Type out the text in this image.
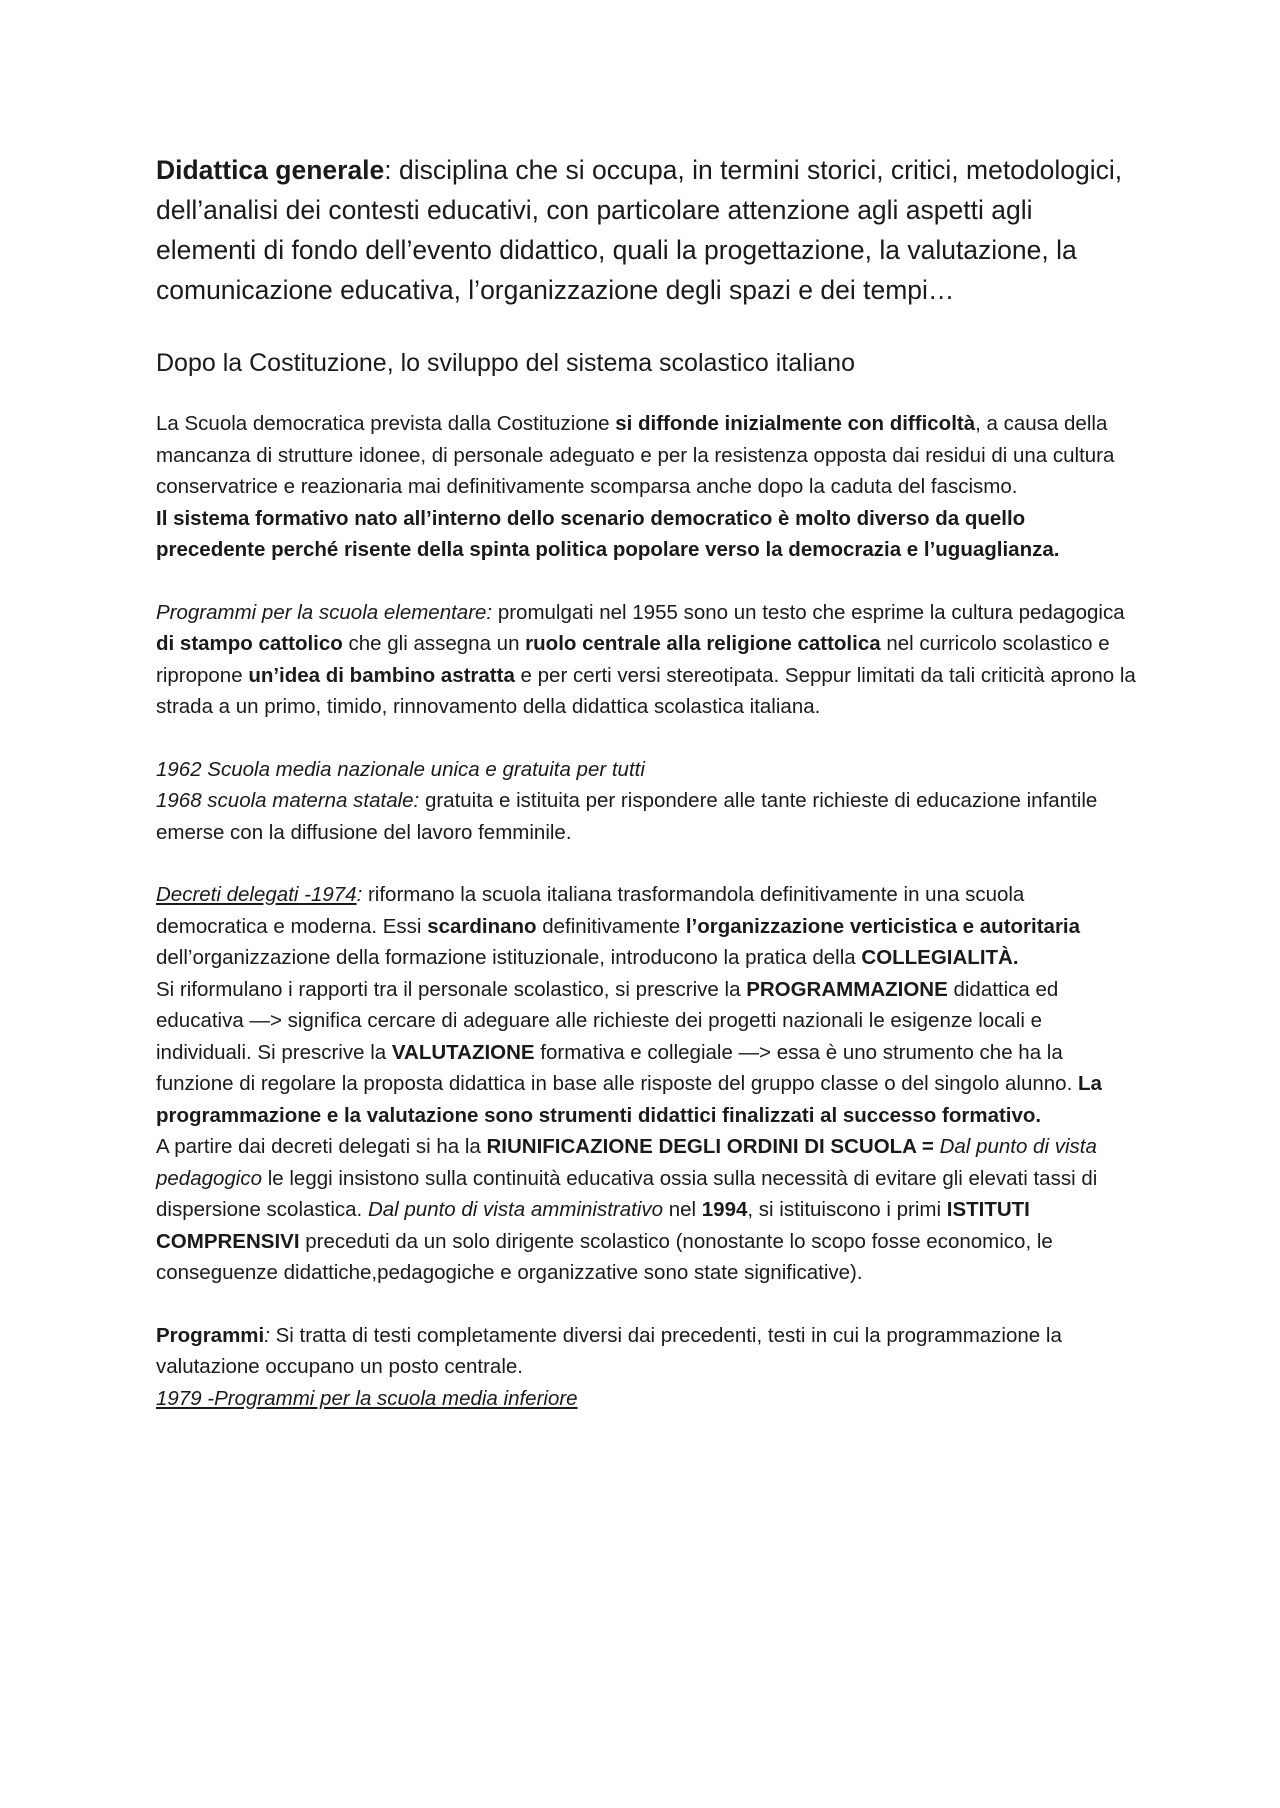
Didattica generale: disciplina che si occupa, in termini storici, critici, metodologici, dell’analisi dei contesti educativi, con particolare attenzione agli aspetti agli elementi di fondo dell’evento didattico, quali la progettazione, la valutazione, la comunicazione educativa, l’organizzazione degli spazi e dei tempi…

Dopo la Costituzione, lo sviluppo del sistema scolastico italiano

La Scuola democratica prevista dalla Costituzione si diffonde inizialmente con difficoltà, a causa della mancanza di strutture idonee, di personale adeguato e per la resistenza opposta dai residui di una cultura conservatrice e reazionaria mai definitivamente scomparsa anche dopo la caduta del fascismo.
Il sistema formativo nato all’interno dello scenario democratico è molto diverso da quello precedente perché risente della spinta politica popolare verso la democrazia e l’uguaglianza.

Programmi per la scuola elementare: promulgati nel 1955 sono un testo che esprime la cultura pedagogica di stampo cattolico che gli assegna un ruolo centrale alla religione cattolica nel curricolo scolastico e ripropone un’idea di bambino astratta e per certi versi stereotipata. Seppur limitati da tali criticità aprono la strada a un primo, timido, rinnovamento della didattica scolastica italiana.

1962 Scuola media nazionale unica e gratuita per tutti
1968 scuola materna statale: gratuita e istituita per rispondere alle tante richieste di educazione infantile emerse con la diffusione del lavoro femminile.

Decreti delegati -1974: riformano la scuola italiana trasformandola definitivamente in una scuola democratica e moderna. Essi scardinano definitivamente l’organizzazione verticistica e autoritaria dell’organizzazione della formazione istituzionale, introducono la pratica della COLLEGIALITÀ.
Si riformulano i rapporti tra il personale scolastico, si prescrive la PROGRAMMAZIONE didattica ed educativa —> significa cercare di adeguare alle richieste dei progetti nazionali le esigenze locali e individuali. Si prescrive la VALUTAZIONE formativa e collegiale —> essa è uno strumento che ha la funzione di regolare la proposta didattica in base alle risposte del gruppo classe o del singolo alunno. La programmazione e la valutazione sono strumenti didattici finalizzati al successo formativo.
A partire dai decreti delegati si ha la RIUNIFICAZIONE DEGLI ORDINI DI SCUOLA = Dal punto di vista pedagogico le leggi insistono sulla continuità educativa ossia sulla necessità di evitare gli elevati tassi di dispersione scolastica. Dal punto di vista amministrativo nel 1994, si istituiscono i primi ISTITUTI COMPRENSIVI preceduti da un solo dirigente scolastico (nonostante lo scopo fosse economico, le conseguenze didattiche,pedagogiche e organizzative sono state significative).

Programmi: Si tratta di testi completamente diversi dai precedenti, testi in cui la programmazione la valutazione occupano un posto centrale.
1979 -Programmi per la scuola media inferiore
